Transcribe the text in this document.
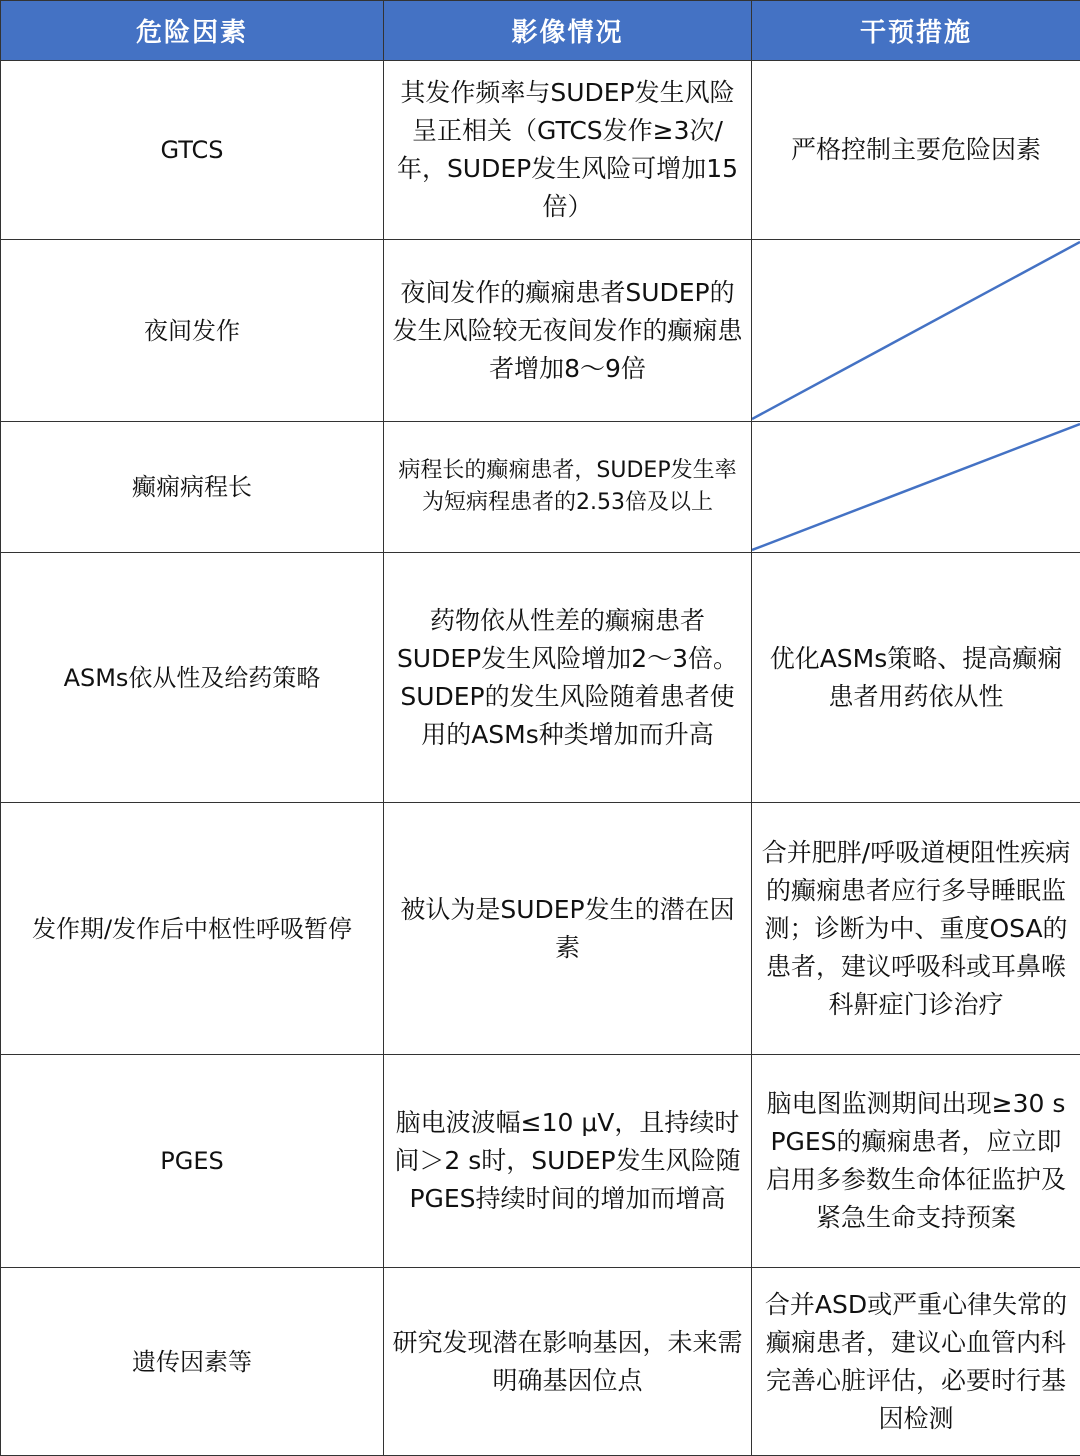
危险因素	影像情况	干预措施
GTCS	其发作频率与SUDEP发生风险呈正相关（GTCS发作≥3次/年，SUDEP发生风险可增加15倍）	严格控制主要危险因素
夜间发作	夜间发作的癫痫患者SUDEP的发生风险较无夜间发作的癫痫患者增加8～9倍	

癫痫病程长	病程长的癫痫患者，SUDEP发生率为短病程患者的2.53倍及以上	

ASMs依从性及给药策略	药物依从性差的癫痫患者SUDEP发生风险增加2～3倍。SUDEP的发生风险随着患者使用的ASMs种类增加而升高	优化ASMs策略、提高癫痫患者用药依从性
发作期/发作后中枢性呼吸暂停	被认为是SUDEP发生的潜在因素	合并肥胖/呼吸道梗阻性疾病的癫痫患者应行多导睡眠监测；诊断为中、重度OSA的患者，建议呼吸科或耳鼻喉科鼾症门诊治疗
PGES	脑电波波幅≤10 μV，且持续时间＞2 s时，SUDEP发生风险随PGES持续时间的增加而增高	脑电图监测期间出现≥30 s PGES的癫痫患者，应立即启用多参数生命体征监护及紧急生命支持预案
遗传因素等	研究发现潜在影响基因，未来需明确基因位点	合并ASD或严重心律失常的癫痫患者，建议心血管内科完善心脏评估，必要时行基因检测
